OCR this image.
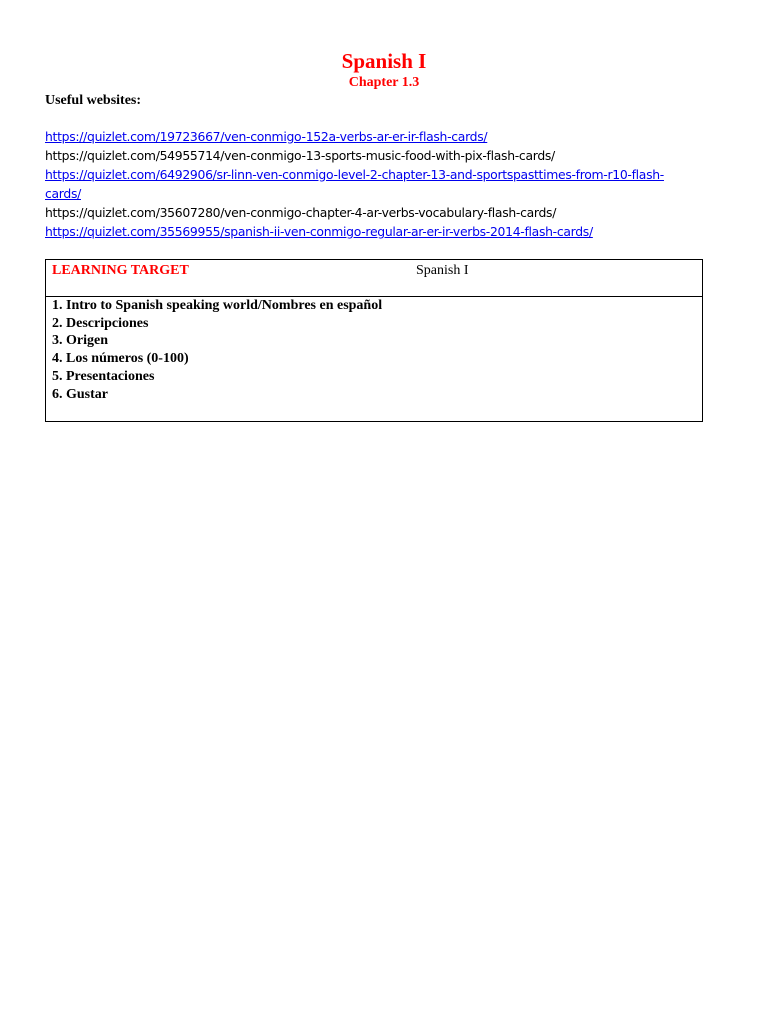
Spanish I
Chapter 1.3
Useful websites:
https://quizlet.com/19723667/ven-conmigo-152a-verbs-ar-er-ir-flash-cards/
https://quizlet.com/54955714/ven-conmigo-13-sports-music-food-with-pix-flash-cards/
https://quizlet.com/6492906/sr-linn-ven-conmigo-level-2-chapter-13-and-sportspasttimes-from-r10-flash-
cards/
https://quizlet.com/35607280/ven-conmigo-chapter-4-ar-verbs-vocabulary-flash-cards/
https://quizlet.com/35569955/spanish-ii-ven-conmigo-regular-ar-er-ir-verbs-2014-flash-cards/
LEARNING TARGET	Spanish I
1. Intro to Spanish speaking world/Nombres en español
2. Descripciones
3. Origen
4. Los números (0-100)
5. Presentaciones
6. Gustar
